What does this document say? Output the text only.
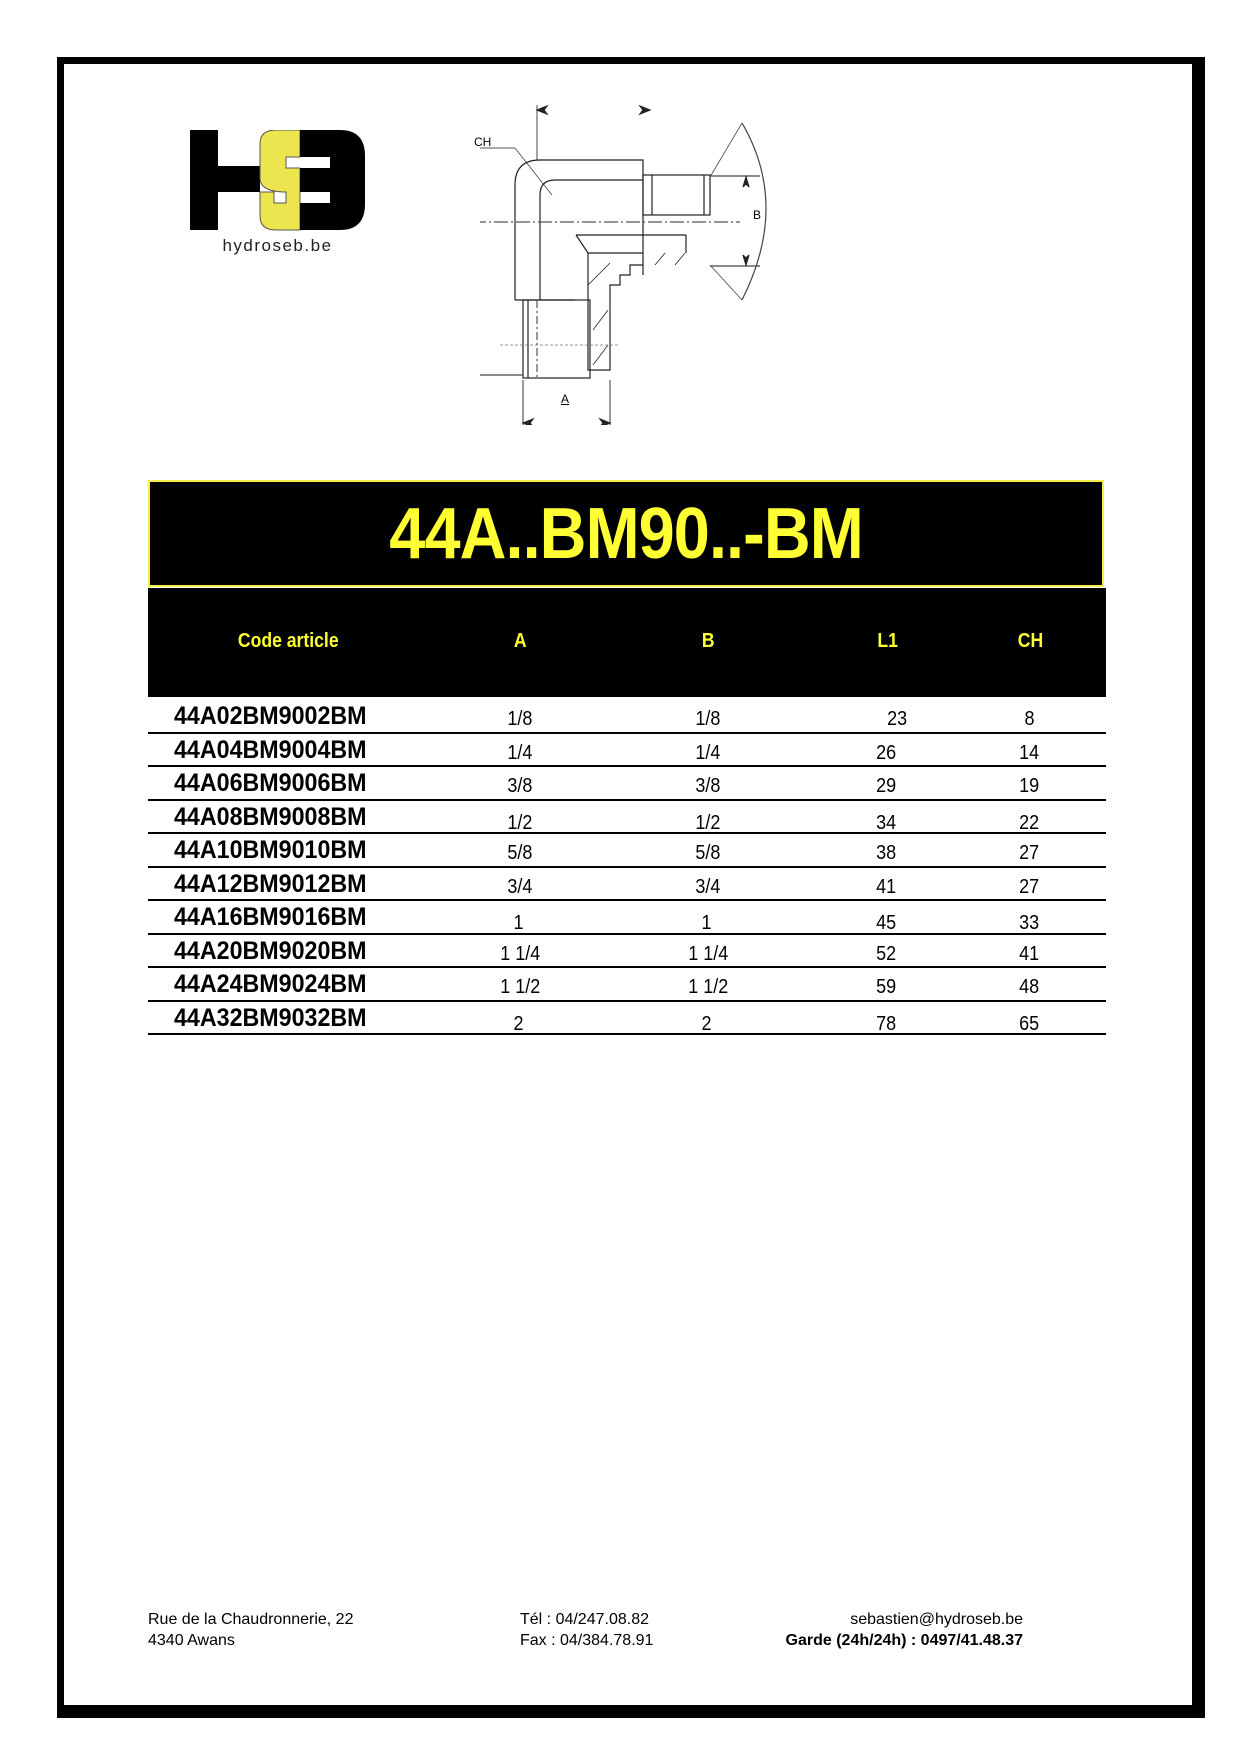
hydroseb.be
CH
B
A
44A..BM90..-BM
Code article	A	B	L1	CH
44A02BM9002BM	1/8	1/8	23	8
44A04BM9004BM	1/4	1/4	26	14
44A06BM9006BM	3/8	3/8	29	19
44A08BM9008BM	1/2	1/2	34	22
44A10BM9010BM	5/8	5/8	38	27
44A12BM9012BM	3/4	3/4	41	27
44A16BM9016BM	1	1	45	33
44A20BM9020BM	1 1/4	1 1/4	52	41
44A24BM9024BM	1 1/2	1 1/2	59	48
44A32BM9032BM	2	2	78	65
Rue de la Chaudronnerie, 22
4340 Awans
Tél : 04/247.08.82
Fax : 04/384.78.91
sebastien@hydroseb.be
Garde (24h/24h) : 0497/41.48.37
